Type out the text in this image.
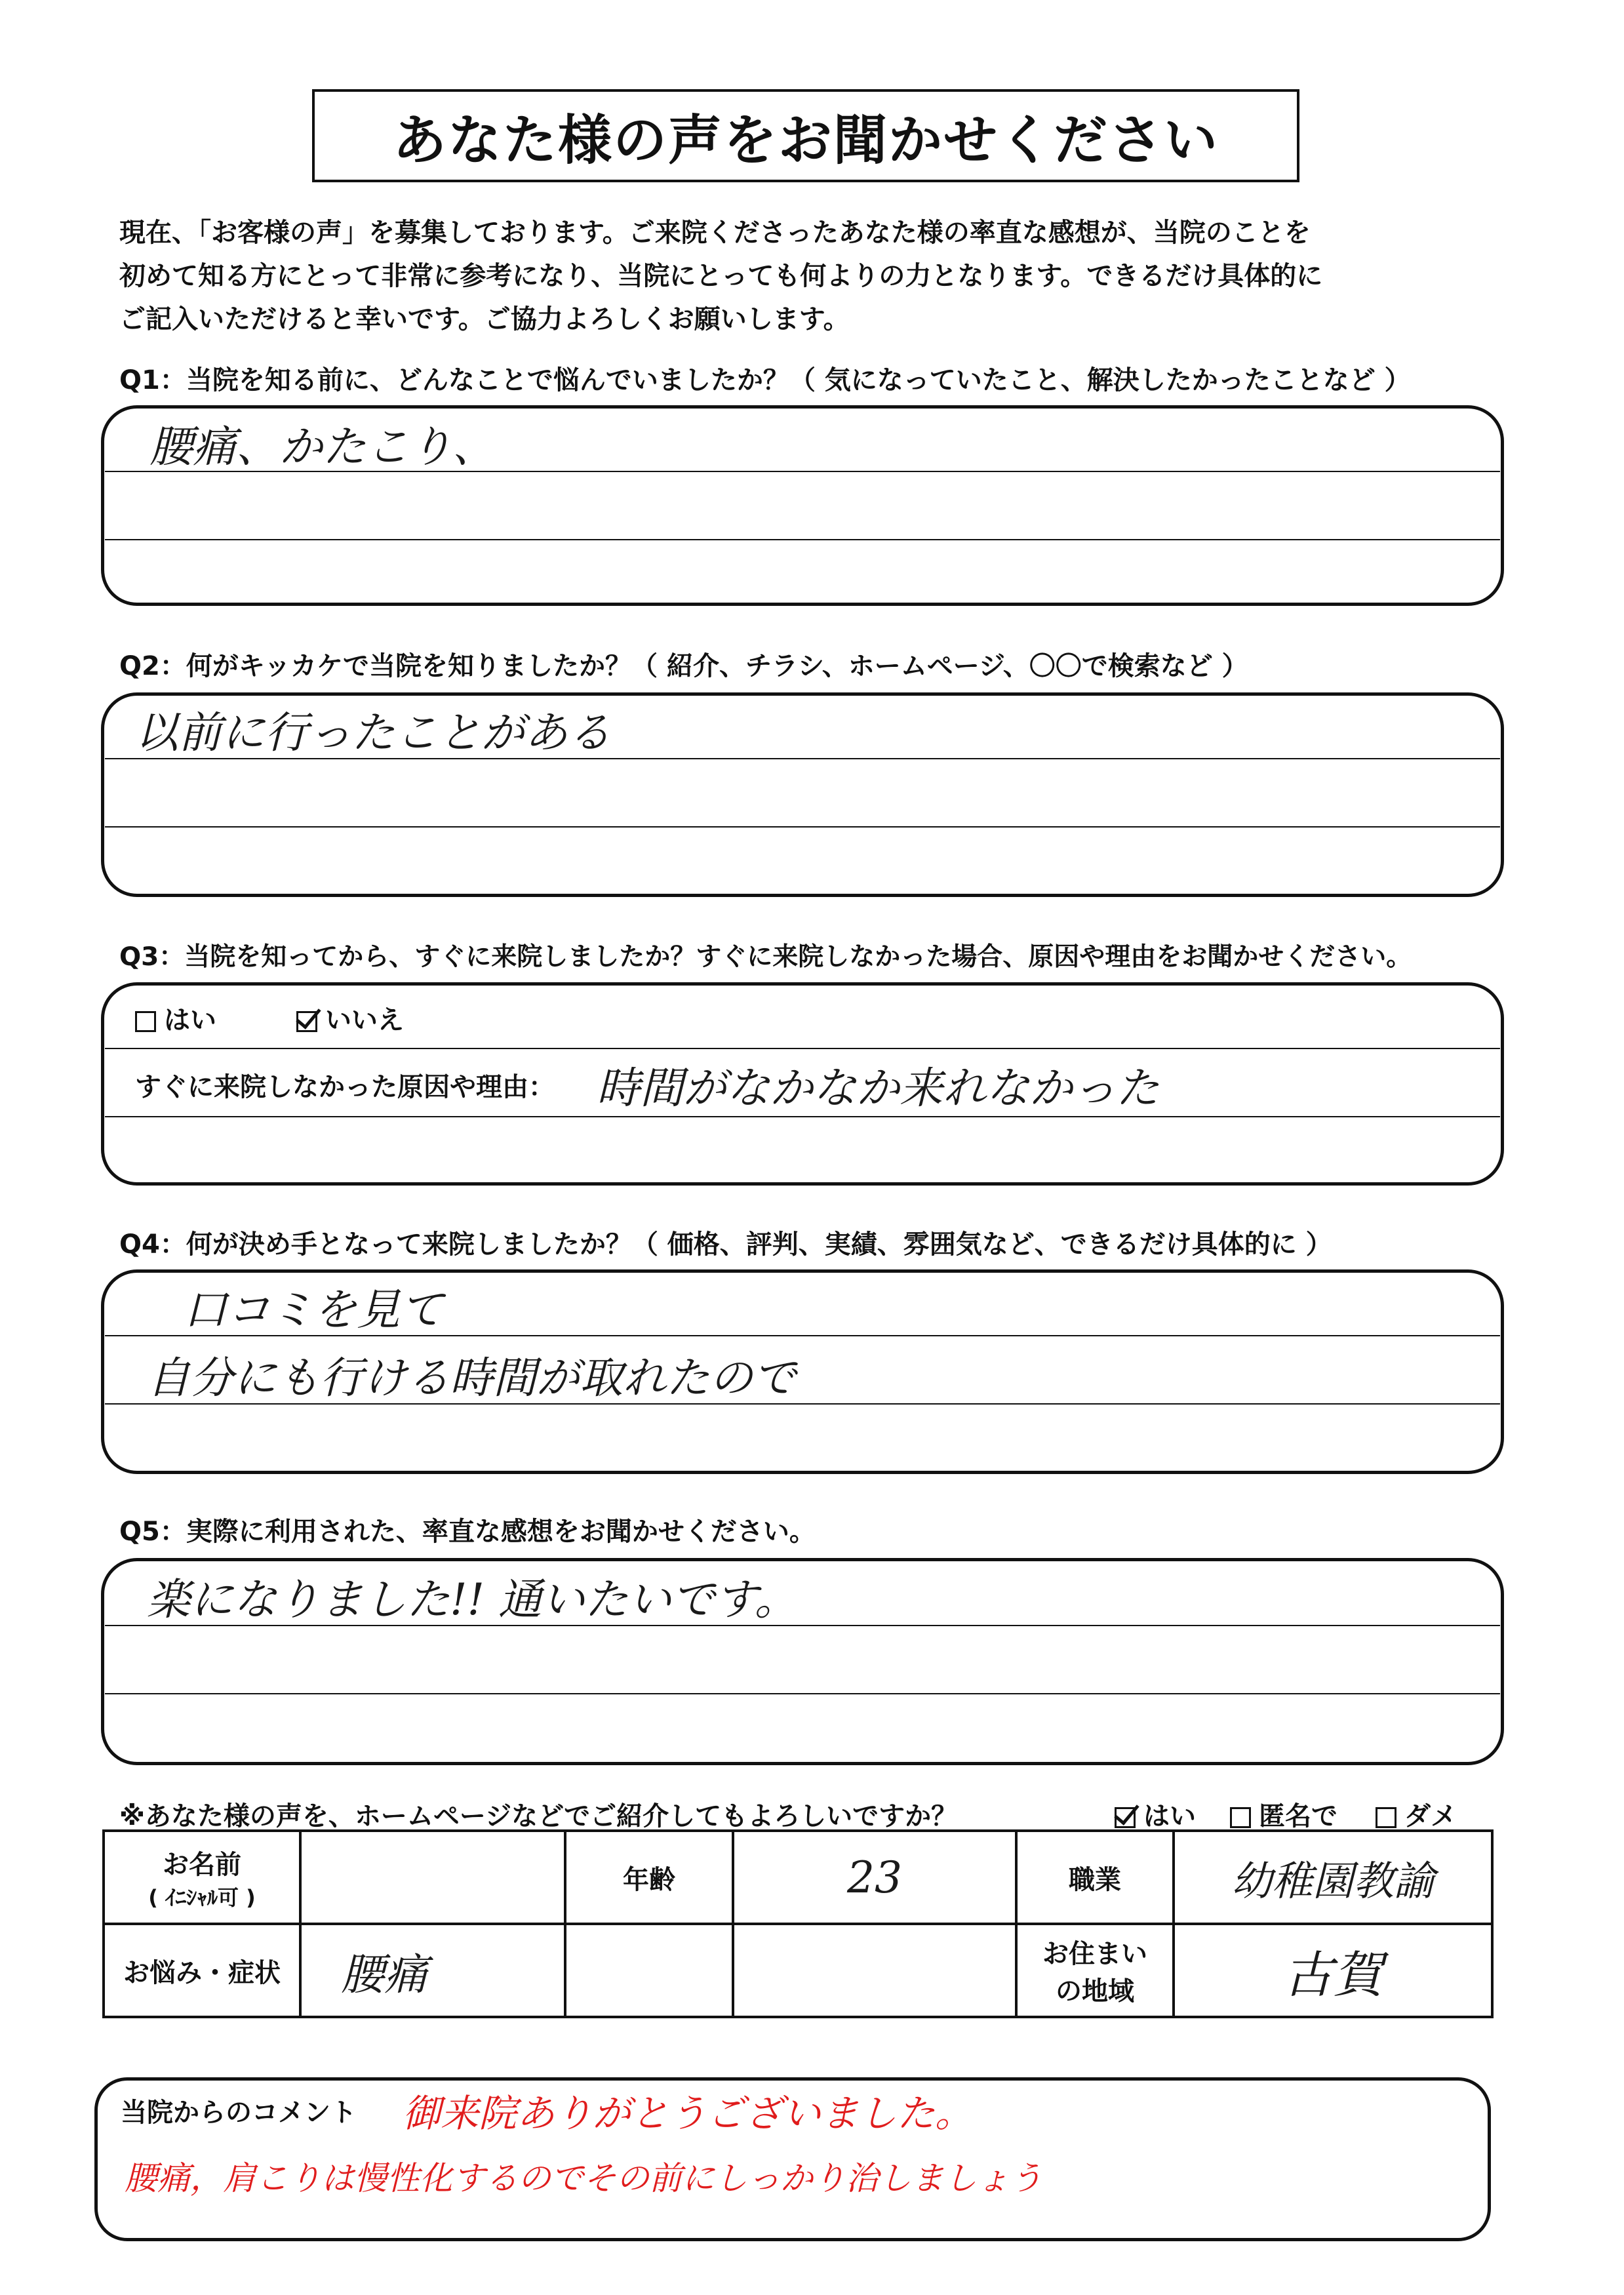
あなた様の声をお聞かせください
現在、「お客様の声」を募集しております。ご来院くださったあなた様の率直な感想が、当院のことを
初めて知る方にとって非常に参考になり、当院にとっても何よりの力となります。できるだけ具体的に
ご記入いただけると幸いです。ご協力よろしくお願いします。
Q1：当院を知る前に、どんなことで悩んでいましたか？（ 気になっていたこと、解決したかったことなど ）
腰痛、かたこり、
Q2：何がキッカケで当院を知りましたか？（ 紹介、チラシ、ホームページ、〇〇で検索など ）
以前に行ったことがある
Q3：当院を知ってから、すぐに来院しましたか？すぐに来院しなかった場合、原因や理由をお聞かせください。
はい	いいえ
すぐに来院しなかった原因や理由： 時間がなかなか来れなかった
Q4：何が決め手となって来院しましたか？（ 価格、評判、実績、雰囲気など、できるだけ具体的に ）
口コミを見て
自分にも行ける時間が取れたので
Q5：実際に利用された、率直な感想をお聞かせください。
楽になりました!! 通いたいです。
※あなた様の声を、ホームページなどでご紹介してもよろしいですか？	はい	匿名で	ダメ
お名前
( ｲﾆｼｬﾙ可 )		年齢	23	職業	幼稚園教諭
お悩み・症状	腰痛			お住まい
の地域	古賀
当院からのコメント 御来院ありがとうございました。
腰痛，肩こりは慢性化するのでその前にしっかり治しましょう
